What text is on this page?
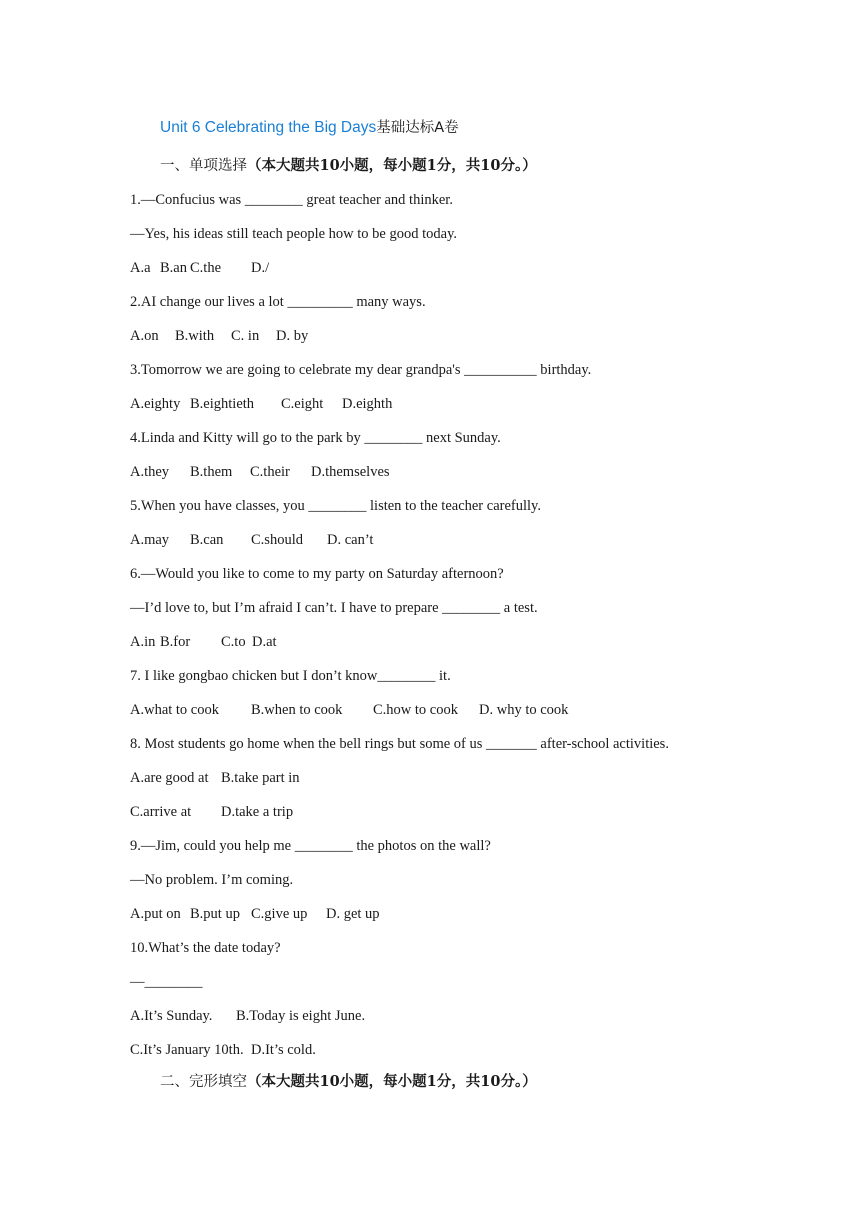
Unit 6 Celebrating the Big Days基础达标A卷
一、单项选择（本大题共10小题，每小题1分，共10分。）
1.—Confucius was ________ great teacher and thinker.
—Yes, his ideas still teach people how to be good today.
A.a B.an C.the D./
2.AI change our lives a lot _________ many ways.
A.on B.with C. in D. by
3.Tomorrow we are going to celebrate my dear grandpa's __________ birthday.
A.eighty B.eightieth C.eight D.eighth
4.Linda and Kitty will go to the park by ________ next Sunday.
A.they B.them C.their D.themselves
5.When you have classes, you ________ listen to the teacher carefully.
A.may B.can C.should D. can’t
6.—Would you like to come to my party on Saturday afternoon?
—I’d love to, but I’m afraid I can’t. I have to prepare ________ a test.
A.in B.for C.to D.at
7. I like gongbao chicken but I don’t know________ it.
A.what to cook B.when to cook C.how to cook D. why to cook
8. Most students go home when the bell rings but some of us _______ after-school activities.
A.are good at B.take part in
C.arrive at D.take a trip
9.—Jim, could you help me ________ the photos on the wall?
—No problem. I’m coming.
A.put on B.put up C.give up D. get up
10.What’s the date today?
—________
A.It’s Sunday. B.Today is eight June.
C.It’s January 10th. D.It’s cold.
二、完形填空（本大题共10小题，每小题1分，共10分。）
